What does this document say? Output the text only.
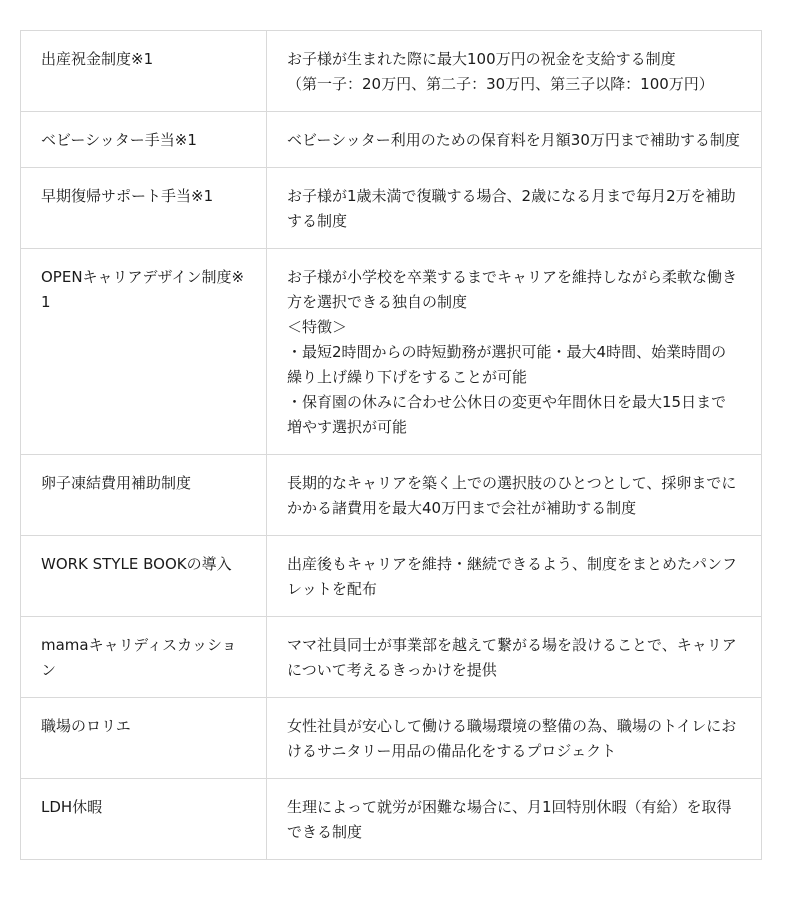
出産祝金制度※1	お子様が生まれた際に最大100万円の祝金を支給する制度
（第一子：20万円、第二子：30万円、第三子以降：100万円）

ベビーシッター手当※1	ベビーシッター利用のための保育料を月額30万円まで補助する制度

早期復帰サポート手当※1	お子様が1歳未満で復職する場合、2歳になる月まで毎月2万を補助する制度

OPENキャリアデザイン制度※1	お子様が小学校を卒業するまでキャリアを維持しながら柔軟な働き方を選択できる独自の制度
＜特徴＞
・最短2時間からの時短勤務が選択可能・最大4時間、始業時間の繰り上げ繰り下げをすることが可能
・保育園の休みに合わせ公休日の変更や年間休日を最大15日まで増やす選択が可能

卵子凍結費用補助制度	長期的なキャリアを築く上での選択肢のひとつとして、採卵までにかかる諸費用を最大40万円まで会社が補助する制度

WORK STYLE BOOKの導入	出産後もキャリアを維持・継続できるよう、制度をまとめたパンフレットを配布

mamaキャリディスカッション	ママ社員同士が事業部を越えて繋がる場を設けることで、キャリアについて考えるきっかけを提供

職場のロリエ	女性社員が安心して働ける職場環境の整備の為、職場のトイレにおけるサニタリー用品の備品化をするプロジェクト

LDH休暇	生理によって就労が困難な場合に、月1回特別休暇（有給）を取得できる制度
